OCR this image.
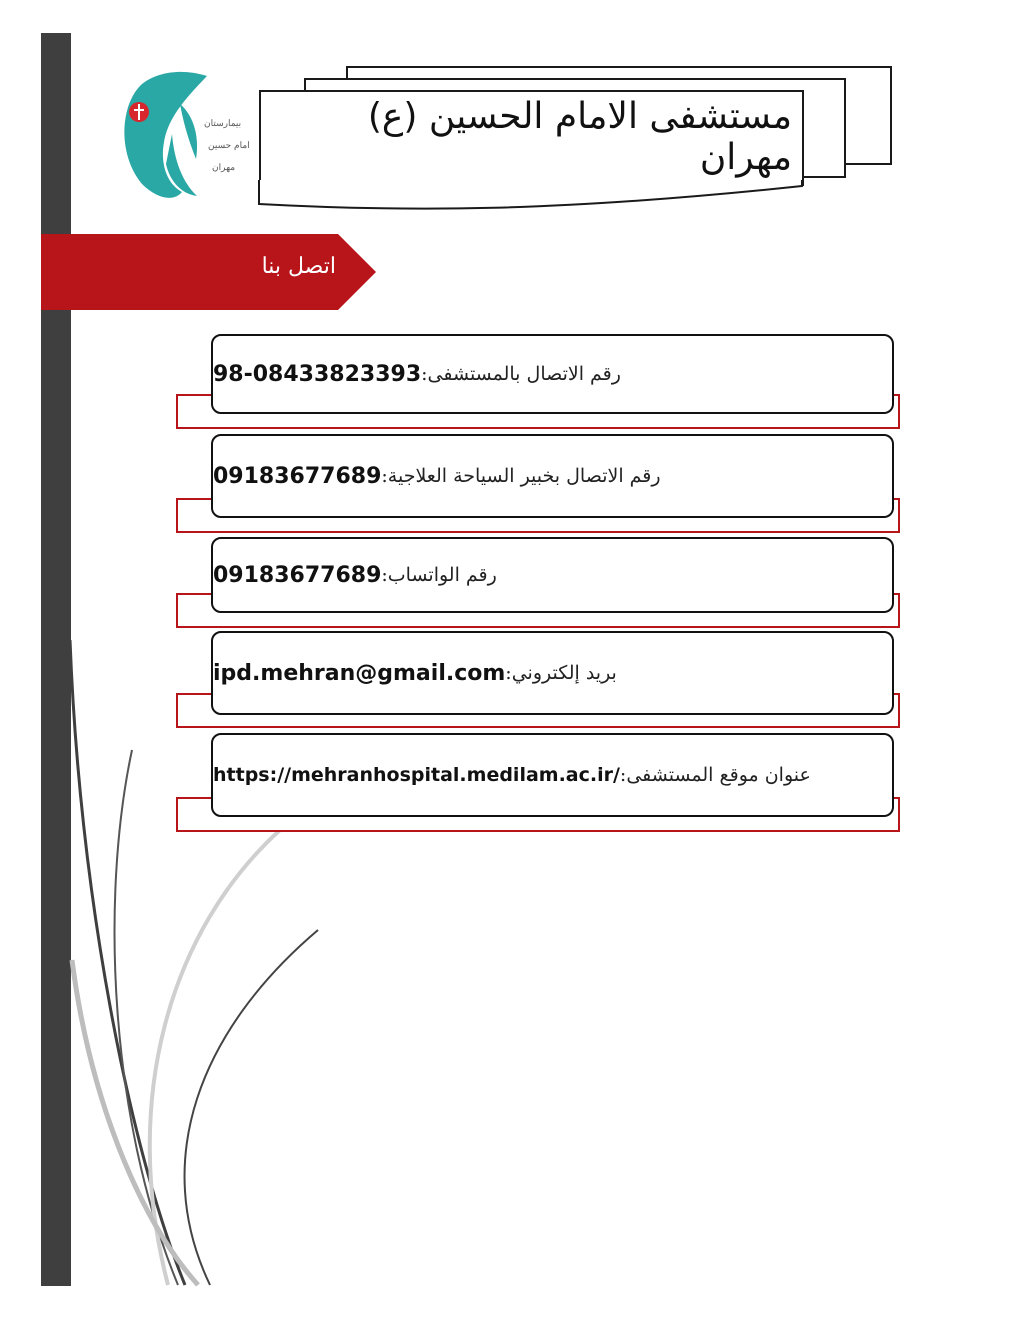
بیمارستان
امام حسین
مهران
مستشفى الامام الحسين (ع) مهران
اتصل بنا
رقم الاتصال بالمستشفى:
98-08433823393
رقم الاتصال بخبير السياحة العلاجية:
09183677689
رقم الواتساب:
09183677689
بريد إلكتروني:
ipd.mehran@gmail.com
عنوان موقع المستشفى:
https://mehranhospital.medilam.ac.ir/
